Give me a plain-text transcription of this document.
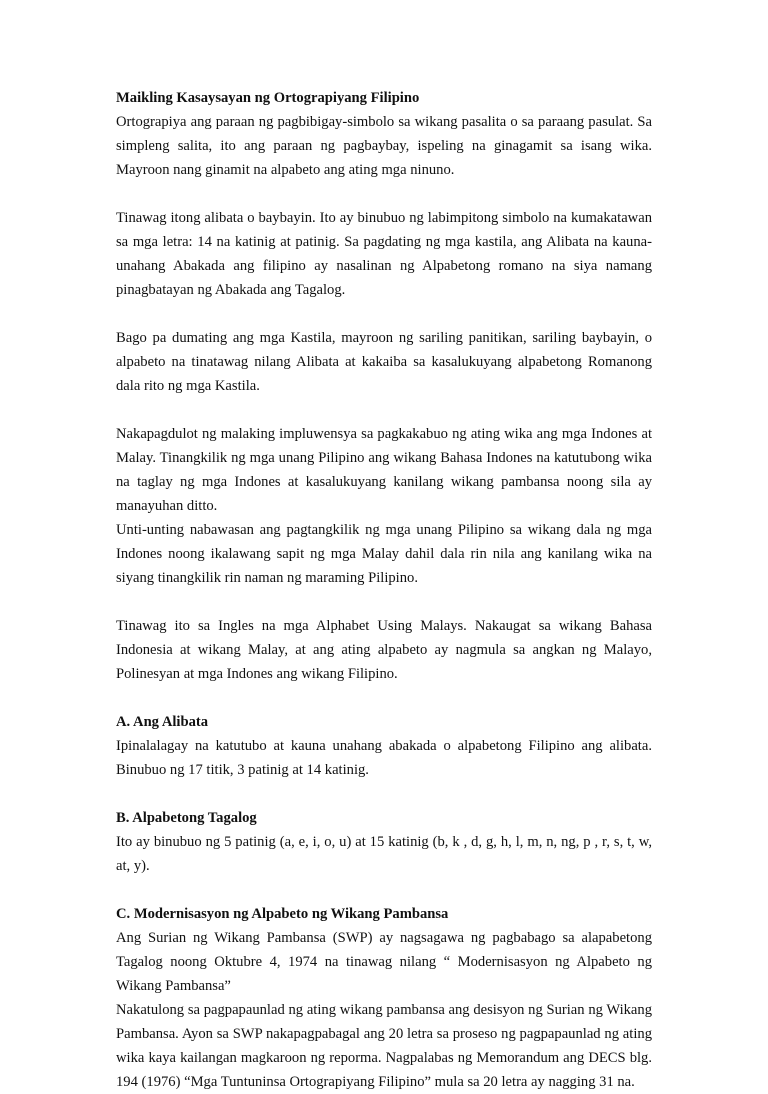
Maikling Kasaysayan ng Ortograpiyang Filipino

Ortograpiya ang paraan ng pagbibigay-simbolo sa wikang pasalita o sa paraang pasulat. Sa simpleng salita, ito ang paraan ng pagbaybay, ispeling na ginagamit sa isang wika. Mayroon nang ginamit na alpabeto ang ating mga ninuno.

Tinawag itong alibata o baybayin. Ito ay binubuo ng labimpitong simbolo na kumakatawan sa mga letra: 14 na katinig at patinig. Sa pagdating ng mga kastila, ang Alibata na kauna-unahang Abakada ang filipino ay nasalinan ng Alpabetong romano na siya namang pinagbatayan ng Abakada ang Tagalog.

Bago pa dumating ang mga Kastila, mayroon ng sariling panitikan, sariling baybayin, o alpabeto na tinatawag nilang Alibata at kakaiba sa kasalukuyang alpabetong Romanong dala rito ng mga Kastila.

Nakapagdulot ng malaking impluwensya sa pagkakabuo ng ating wika ang mga Indones at Malay. Tinangkilik ng mga unang Pilipino ang wikang Bahasa Indones na katutubong wika na taglay ng mga Indones at kasalukuyang kanilang wikang pambansa noong sila ay manayuhan ditto.

Unti-unting nabawasan ang pagtangkilik ng mga unang Pilipino sa wikang dala ng mga Indones noong ikalawang sapit ng mga Malay dahil dala rin nila ang kanilang wika na siyang tinangkilik rin naman ng maraming Pilipino.

Tinawag ito sa Ingles na mga Alphabet Using Malays. Nakaugat sa wikang Bahasa Indonesia at wikang Malay, at ang ating alpabeto ay nagmula sa angkan ng Malayo, Polinesyan at mga Indones ang wikang Filipino.

A. Ang Alibata

Ipinalalagay na katutubo at kauna unahang abakada o alpabetong Filipino ang alibata. Binubuo ng 17 titik, 3 patinig at 14 katinig.

B. Alpabetong Tagalog

Ito ay binubuo ng 5 patinig (a, e, i, o, u) at 15 katinig (b, k , d, g, h, l, m, n, ng, p , r, s, t, w, at, y).

C. Modernisasyon ng Alpabeto ng Wikang Pambansa

Ang Surian ng Wikang Pambansa (SWP) ay nagsagawa ng pagbabago sa alapabetong Tagalog noong Oktubre 4, 1974 na tinawag nilang “ Modernisasyon ng Alpabeto ng Wikang Pambansa”

Nakatulong sa pagpapaunlad ng ating wikang pambansa ang desisyon ng Surian ng Wikang Pambansa. Ayon sa SWP nakapagpabagal ang 20 letra sa proseso ng pagpapaunlad ng ating wika kaya kailangan magkaroon ng reporma. Nagpalabas ng Memorandum ang DECS blg. 194 (1976) “Mga Tuntuninsa Ortograpiyang Filipino” mula sa 20 letra ay nagging 31 na.
